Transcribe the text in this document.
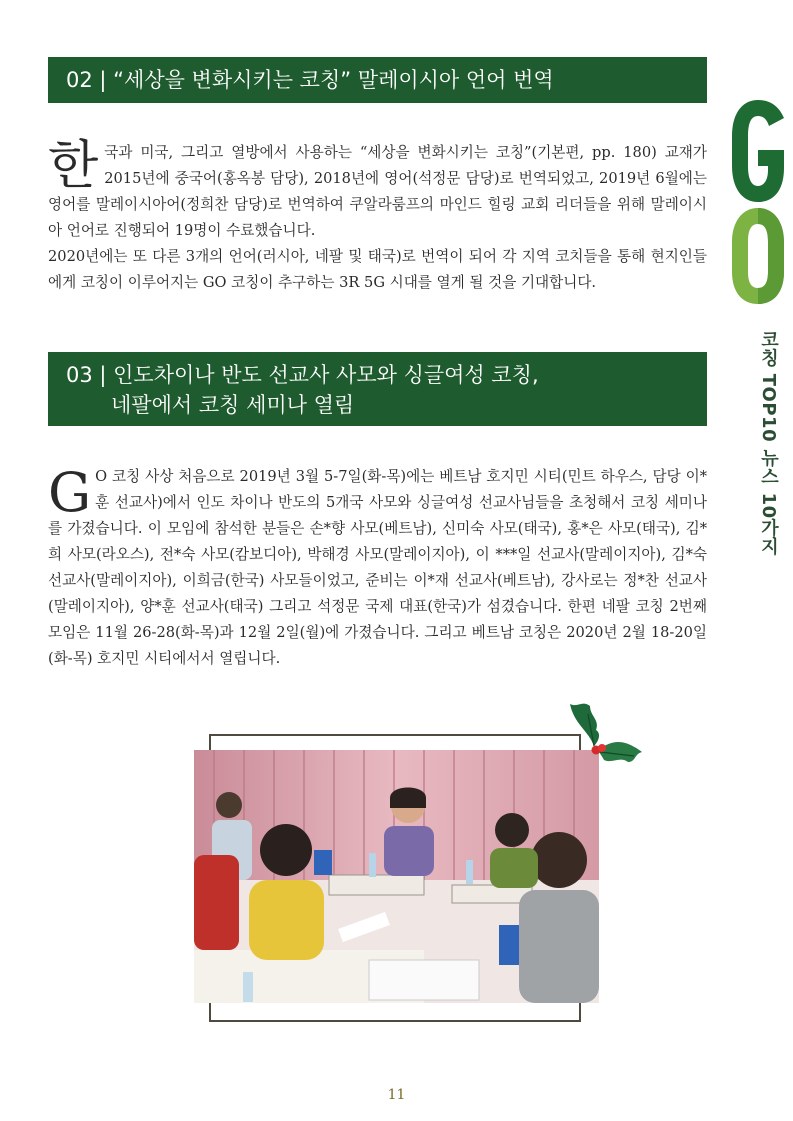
02 | “세상을 변화시키는 코칭” 말레이시아 언어 번역

한국과 미국, 그리고 열방에서 사용하는 “세상을 변화시키는 코칭”(기본편, pp. 180) 교재가 2015년에 중국어(홍옥봉 담당), 2018년에 영어(석정문 담당)로 번역되었고, 2019년 6월에는 영어를 말레이시아어(정희찬 담당)로 번역하여 쿠알라룸프의 마인드 힐링 교회 리더들을 위해 말레이시아 언어로 진행되어 19명이 수료했습니다.

2020년에는 또 다른 3개의 언어(러시아, 네팔 및 태국)로 번역이 되어 각 지역 코치들을 통해 현지인들에게 코칭이 이루어지는 GO 코칭이 추구하는 3R 5G 시대를 열게 될 것을 기대합니다.

코칭 TOP10 뉴스 10가지
03 | 인도차이나 반도 선교사 사모와 싱글여성 코칭,
네팔에서 코칭 세미나 열림

G O 코칭 사상 처음으로 2019년 3월 5-7일(화-목)에는 베트남 호지민 시티(민트 하우스, 담당 이*훈 선교사)에서 인도 차이나 반도의 5개국 사모와 싱글여성 선교사님들을 초청해서 코칭 세미나를 가졌습니다. 이 모임에 참석한 분들은 손*향 사모(베트남), 신미숙 사모(태국), 홍*은 사모(태국), 김*희 사모(라오스), 전*숙 사모(캄보디아), 박해경 사모(말레이지아), 이 ***일 선교사(말레이지아), 김*숙 선교사(말레이지아), 이희금(한국) 사모들이었고, 준비는 이*재 선교사(베트남), 강사로는 정*찬 선교사(말레이지아), 양*훈 선교사(태국) 그리고 석정문 국제 대표(한국)가 섬겼습니다. 한편 네팔 코칭 2번째 모임은 11월 26-28(화-목)과 12월 2일(월)에 가졌습니다. 그리고 베트남 코칭은 2020년 2월 18-20일(화-목) 호지민 시티에서서 열립니다.

11
